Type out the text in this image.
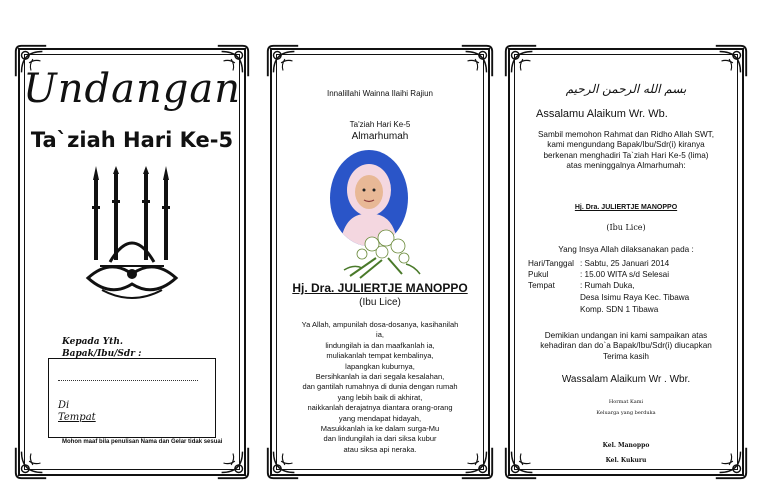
Undangan
Ta`ziah Hari Ke-5
Kepada Yth.
Bapak/Ibu/Sdr :
Di
Tempat
Mohon maaf bila penulisan Nama dan Gelar tidak sesuai
Innalillahi Wainna Ilaihi Rajiun
Ta'ziah Hari Ke-5
Almarhumah
Hj. Dra. JULIERTJE MANOPPO
(Ibu Lice)
Ya Allah, ampunilah dosa-dosanya, kasihanilah
ia,
lindungilah ia dan maafkanlah ia,
muliakanlah tempat kembalinya,
lapangkan kuburnya,
Bersihkanlah ia dari segala kesalahan,
dan gantilah rumahnya di dunia dengan rumah
yang lebih baik di akhirat,
naikkanlah derajatnya diantara orang-orang
yang mendapat hidayah,
Masukkanlah ia ke dalam surga-Mu
dan lindungilah ia dari siksa kubur
atau siksa api neraka.
بسم الله الرحمن الرحيم
Assalamu Alaikum Wr. Wb.
Sambil memohon Rahmat dan Ridho Allah SWT,
kami mengundang Bapak/Ibu/Sdr(i) kiranya
berkenan menghadiri Ta`ziah Hari Ke-5 (lima)
atas meninggalnya Almarhumah:
Hj. Dra. JULIERTJE MANOPPO
(Ibu Lice)
Yang Insya Allah dilaksanakan pada :
Hari/Tanggal : Sabtu, 25 Januari 2014
Pukul	: 15.00 WITA s/d Selesai
Tempat	: Rumah Duka,
Desa Isimu Raya Kec. Tibawa
Komp. SDN 1 Tibawa
Demikian undangan ini kami sampaikan atas
kehadiran dan do`a Bapak/Ibu/Sdr(i) diucapkan
Terima kasih
Wassalam Alaikum Wr . Wbr.
Hormat Kami
Keluarga yang berduka
Kel. Manoppo
Kel. Kukuru
